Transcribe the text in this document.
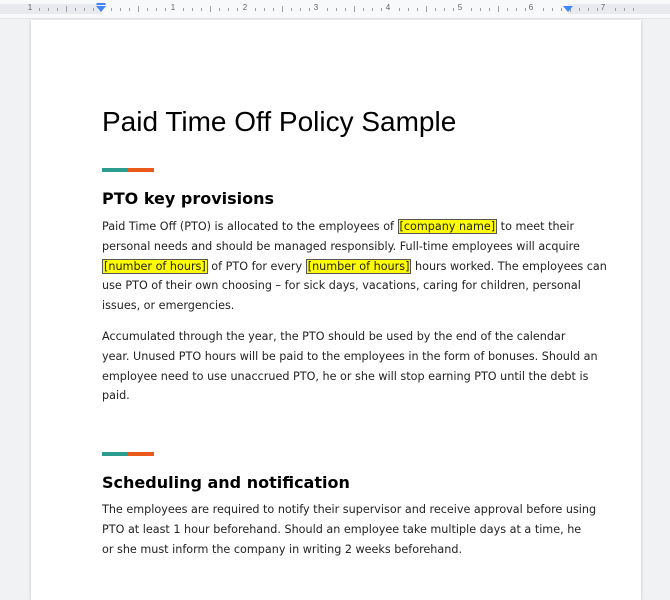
1	1	2	3	4	5	6	7
Paid Time Off Policy Sample
PTO key provisions

Paid Time Off (PTO) is allocated to the employees of [company name] to meet their
personal needs and should be managed responsibly. Full-time employees will acquire
[number of hours] of PTO for every [number of hours] hours worked. The employees can
use PTO of their own choosing – for sick days, vacations, caring for children, personal
issues, or emergencies.

Accumulated through the year, the PTO should be used by the end of the calendar
year. Unused PTO hours will be paid to the employees in the form of bonuses. Should an
employee need to use unaccrued PTO, he or she will stop earning PTO until the debt is
paid.

Scheduling and notification

The employees are required to notify their supervisor and receive approval before using
PTO at least 1 hour beforehand. Should an employee take multiple days at a time, he
or she must inform the company in writing 2 weeks beforehand.
